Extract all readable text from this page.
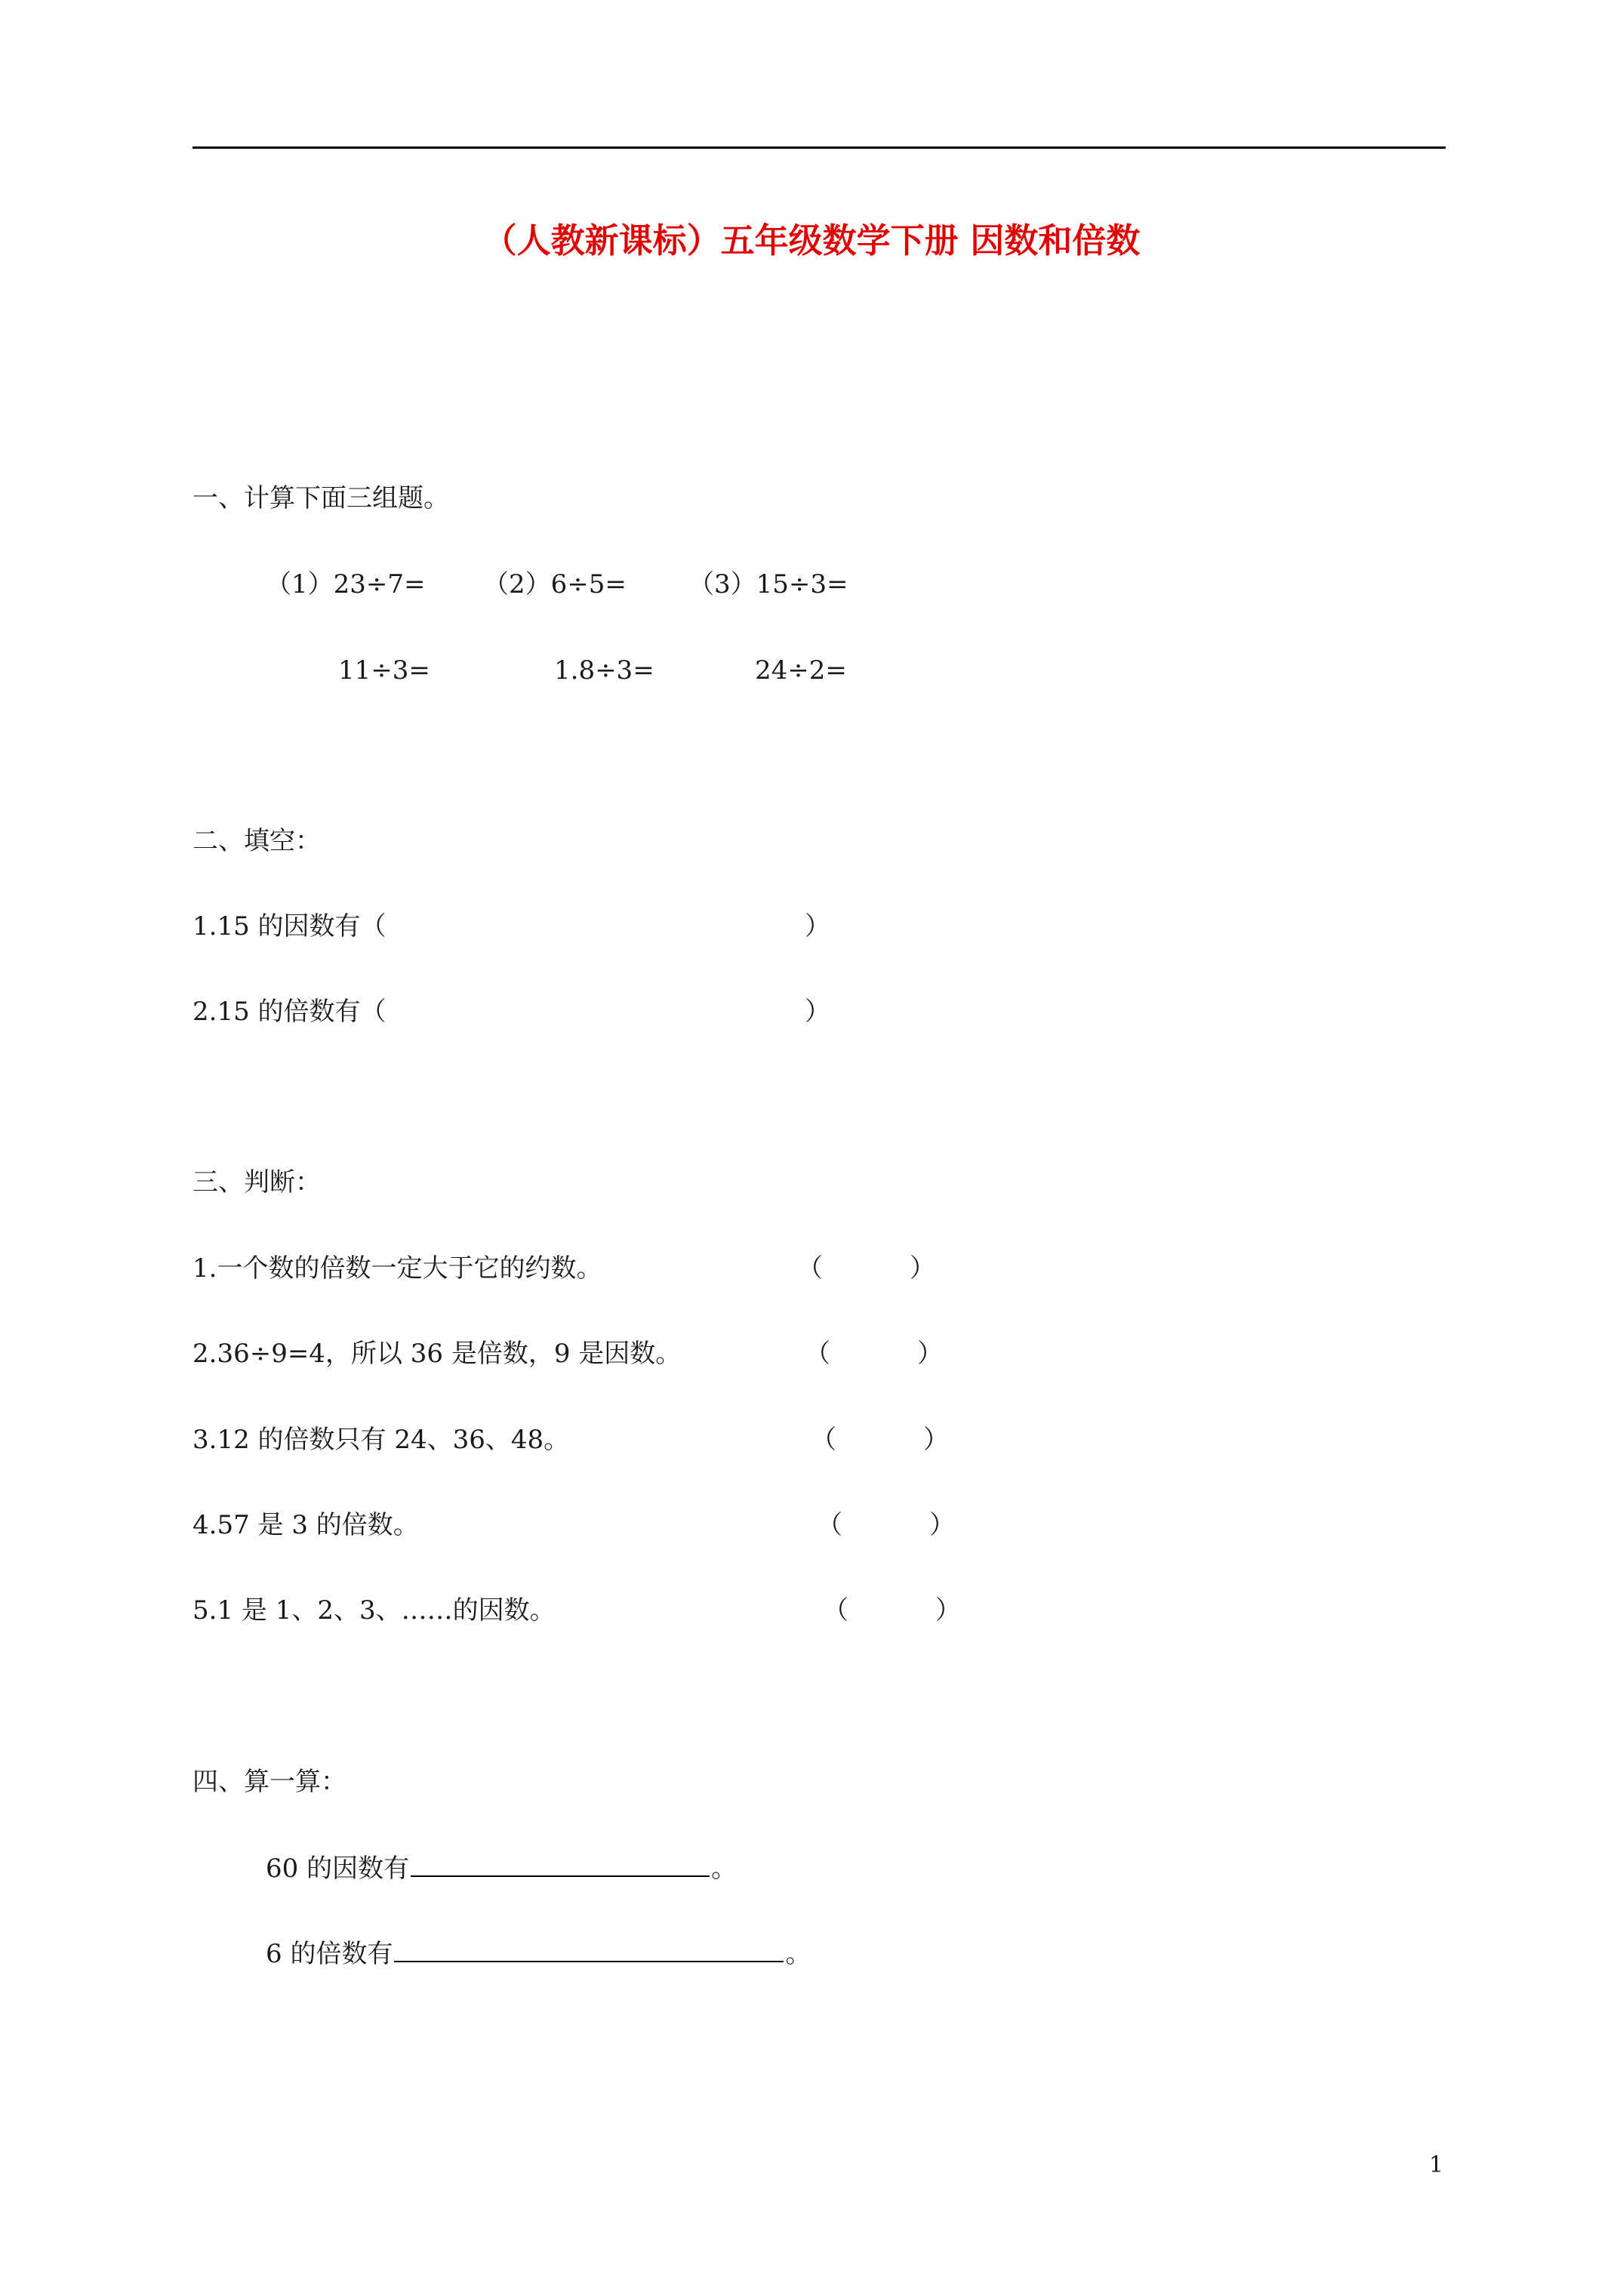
（人教新课标）五年级数学下册 因数和倍数
一、计算下面三组题。
（1）23÷7= （2）6÷5= （3）15÷3=
11÷3=	1.8÷3=	24÷2=
二、填空：
1.15 的因数有（	）
2.15 的倍数有（	）
三、判断：
1.一个数的倍数一定大于它的约数。	（	）
2.36÷9=4，所以 36 是倍数，9 是因数。	（	）
3.12 的倍数只有 24、36、48。	（	）
4.57 是 3 的倍数。	（	）
5.1 是 1、2、3、……的因数。	（	）
四、算一算：
60 的因数有	。
6 的倍数有	。
1
